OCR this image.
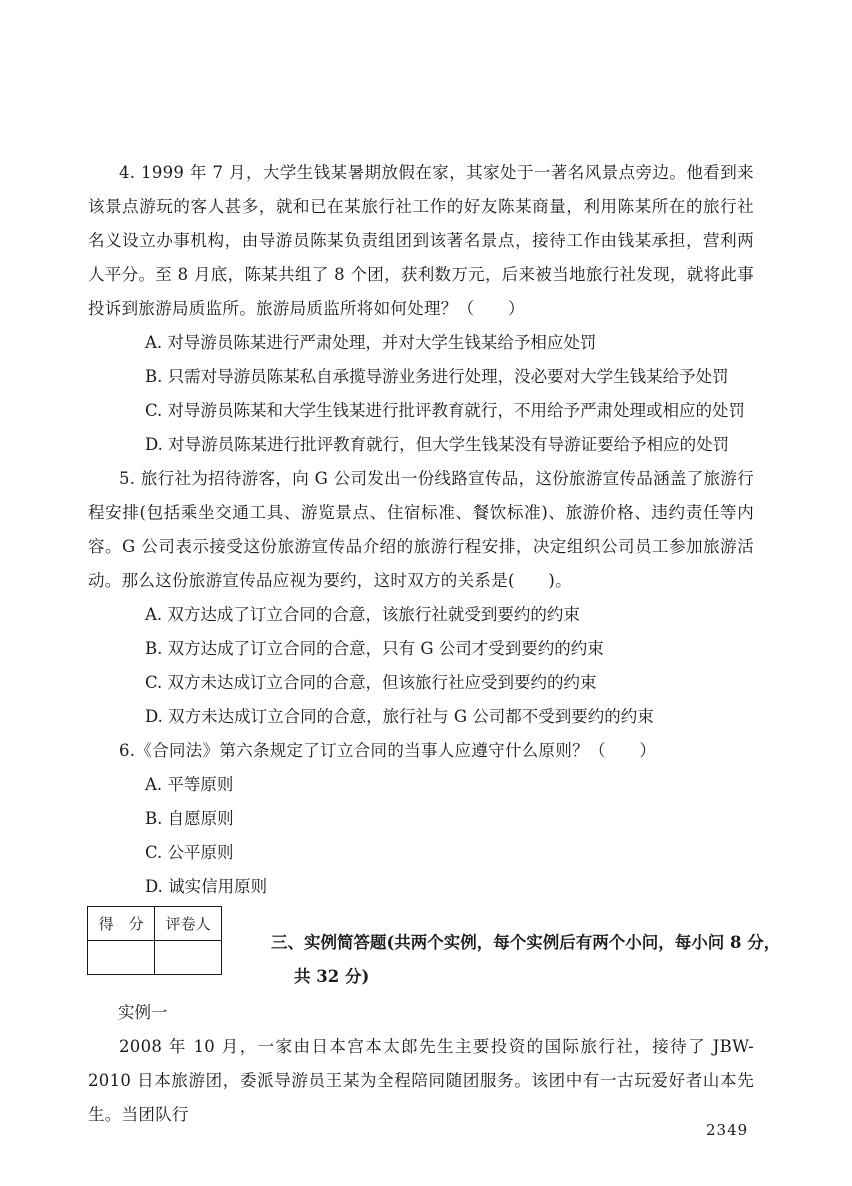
4. 1999 年 7 月，大学生钱某暑期放假在家，其家处于一著名风景点旁边。他看到来该景点游玩的客人甚多，就和已在某旅行社工作的好友陈某商量，利用陈某所在的旅行社名义设立办事机构，由导游员陈某负责组团到该著名景点，接待工作由钱某承担，营利两人平分。至 8 月底，陈某共组了 8 个团，获利数万元，后来被当地旅行社发现，就将此事投诉到旅游局质监所。旅游局质监所将如何处理？（　　）

A. 对导游员陈某进行严肃处理，并对大学生钱某给予相应处罚

B. 只需对导游员陈某私自承揽导游业务进行处理，没必要对大学生钱某给予处罚

C. 对导游员陈某和大学生钱某进行批评教育就行，不用给予严肃处理或相应的处罚

D. 对导游员陈某进行批评教育就行，但大学生钱某没有导游证要给予相应的处罚

5. 旅行社为招待游客，向 G 公司发出一份线路宣传品，这份旅游宣传品涵盖了旅游行程安排(包括乘坐交通工具、游览景点、住宿标准、餐饮标准)、旅游价格、违约责任等内容。G 公司表示接受这份旅游宣传品介绍的旅游行程安排，决定组织公司员工参加旅游活动。那么这份旅游宣传品应视为要约，这时双方的关系是(　　)。

A. 双方达成了订立合同的合意，该旅行社就受到要约的约束

B. 双方达成了订立合同的合意，只有 G 公司才受到要约的约束

C. 双方未达成订立合同的合意，但该旅行社应受到要约的约束

D. 双方未达成订立合同的合意，旅行社与 G 公司都不受到要约的约束

6.《合同法》第六条规定了订立合同的当事人应遵守什么原则？（　　）

A. 平等原则

B. 自愿原则

C. 公平原则

D. 诚实信用原则

得　分	评卷人

三、实例简答题(共两个实例，每个实例后有两个小问，每小问 8 分，
共 32 分)
实例一

2008 年 10 月，一家由日本宫本太郎先生主要投资的国际旅行社，接待了 JBW-2010 日本旅游团，委派导游员王某为全程陪同随团服务。该团中有一古玩爱好者山本先生。当团队行

2349
